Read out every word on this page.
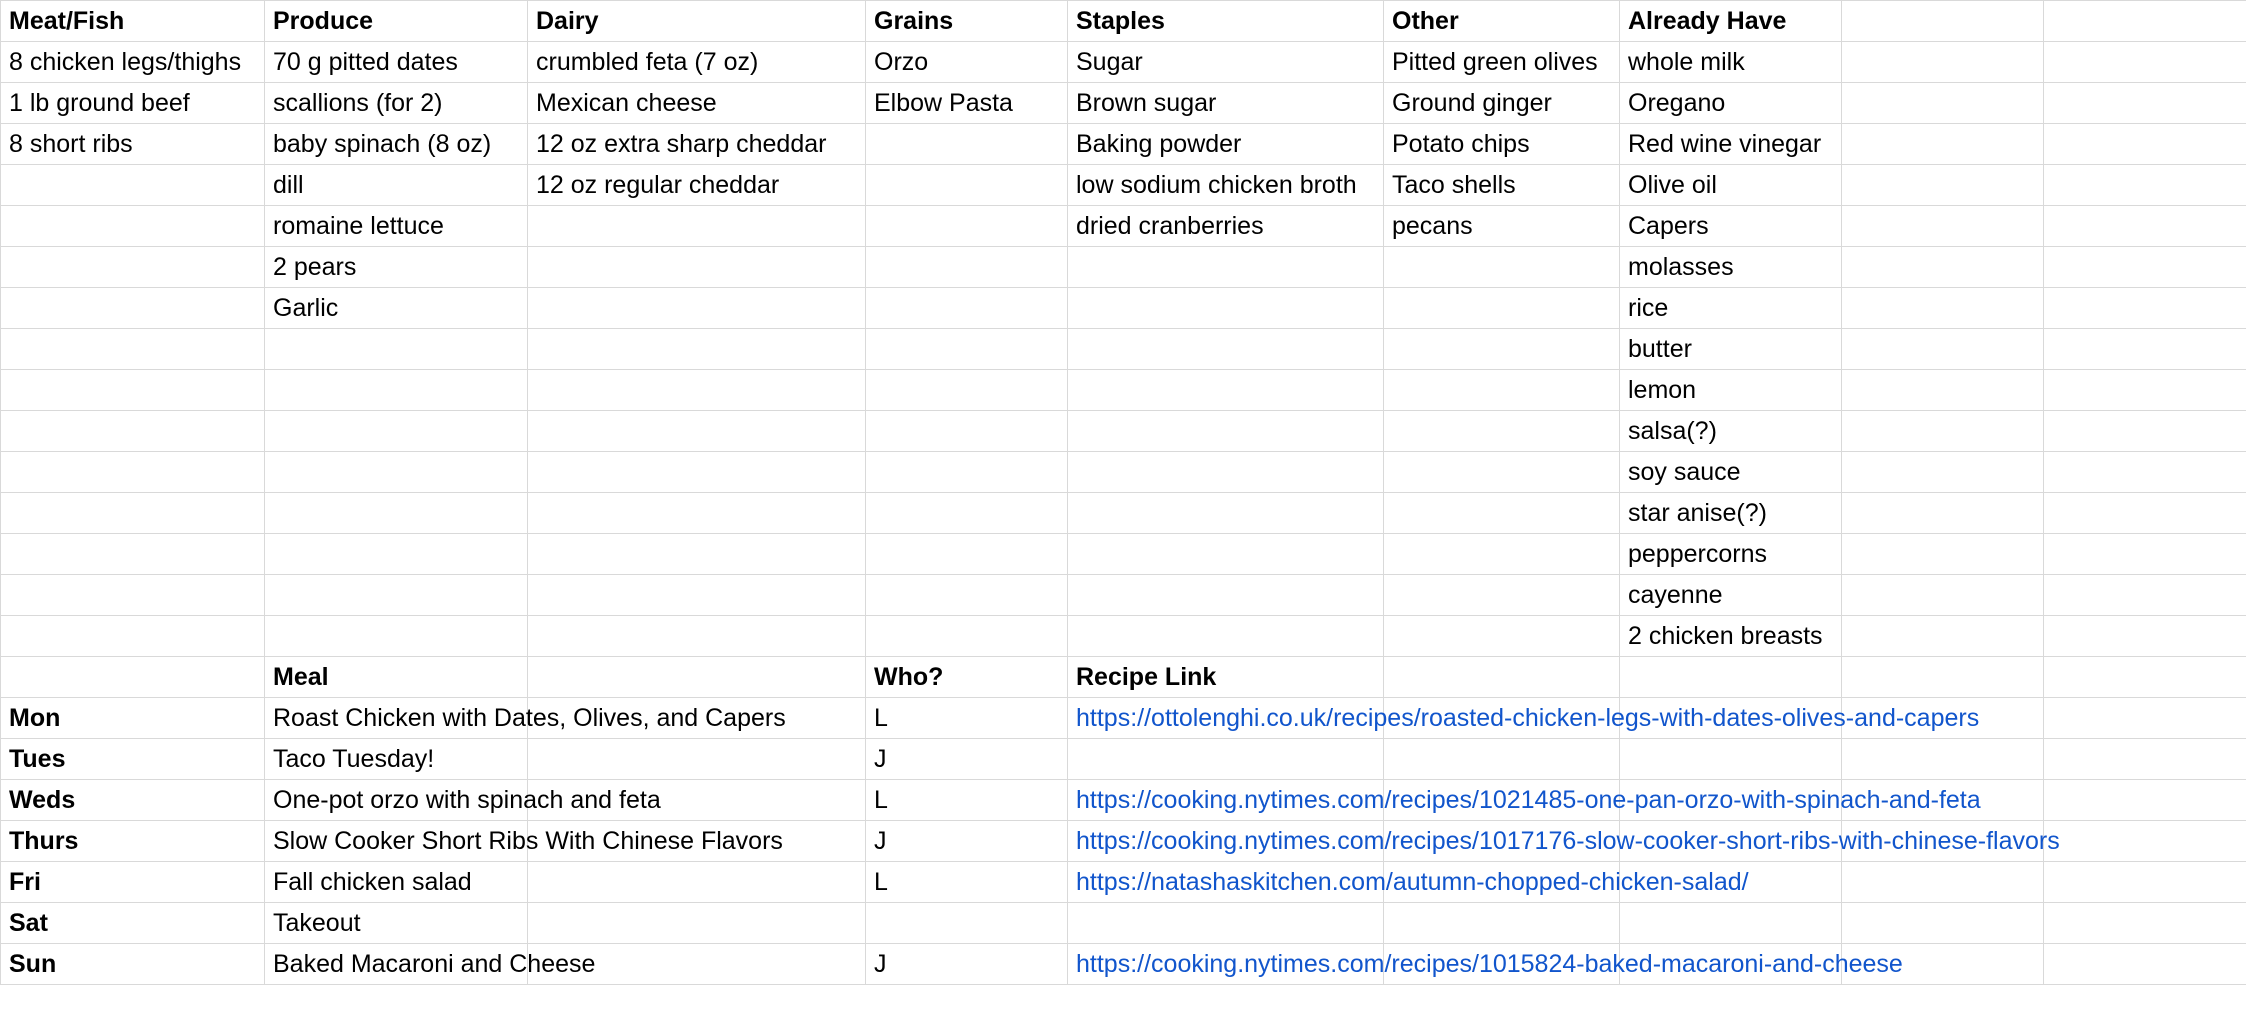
Meat/Fish	Produce	Dairy	Grains	Staples	Other	Already Have		
8 chicken legs/thighs	70 g pitted dates	crumbled feta (7 oz)	Orzo	Sugar	Pitted green olives	whole milk		
1 lb ground beef	scallions (for 2)	Mexican cheese	Elbow Pasta	Brown sugar	Ground ginger	Oregano		
8 short ribs	baby spinach (8 oz)	12 oz extra sharp cheddar		Baking powder	Potato chips	Red wine vinegar		
	dill	12 oz regular cheddar		low sodium chicken broth	Taco shells	Olive oil		
	romaine lettuce			dried cranberries	pecans	Capers		
	2 pears					molasses		
	Garlic					rice		
						butter		
						lemon		
						salsa(?)		
						soy sauce		
						star anise(?)		
						peppercorns		
						cayenne		
						2 chicken breasts		
	Meal		Who?	Recipe Link				
Mon	Roast Chicken with Dates, Olives, and Capers		L	https://ottolenghi.co.uk/recipes/roasted-chicken-legs-with-dates-olives-and-capers				
Tues	Taco Tuesday!		J					
Weds	One-pot orzo with spinach and feta		L	https://cooking.nytimes.com/recipes/1021485-one-pan-orzo-with-spinach-and-feta				
Thurs	Slow Cooker Short Ribs With Chinese Flavors		J	https://cooking.nytimes.com/recipes/1017176-slow-cooker-short-ribs-with-chinese-flavors				
Fri	Fall chicken salad		L	https://natashaskitchen.com/autumn-chopped-chicken-salad/				
Sat	Takeout							
Sun	Baked Macaroni and Cheese		J	https://cooking.nytimes.com/recipes/1015824-baked-macaroni-and-cheese				
